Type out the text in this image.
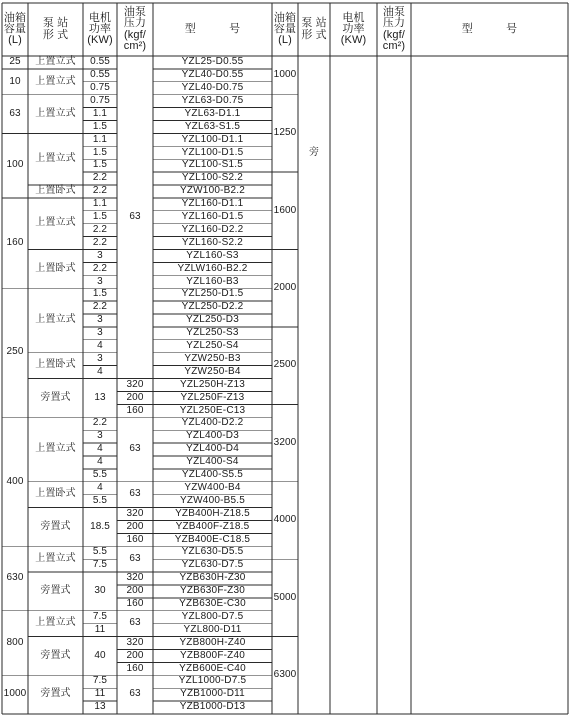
油箱
容量
(L)
泵 站
形 式
电机
功率
(KW)
油泵
压力
(kgf/
cm²)
型　　　号
油箱
容量
(L)
泵 站
形 式
电机
功率
(KW)
油泵
压力
(kgf/
cm²)
型　　　号
25
10
63
100
160
250
400
630
800
1000
上置立式
上置立式
上置立式
上置立式
上置卧式
上置立式
上置卧式
上置立式
上置卧式
旁置式
上置立式
上置卧式
旁置式
上置立式
旁置式
上置立式
旁置式
旁置式
0.55
0.55
0.75
0.75
1.1
1.5
1.1
1.5
1.5
2.2
2.2
1.1
1.5
2.2
2.2
3
2.2
3
1.5
2.2
3
3
4
3
4
13
2.2
3
4
4
5.5
4
5.5
18.5
5.5
7.5
30
7.5
11
40
7.5
11
13
63
320
200
160
63
63
320
200
160
63
320
200
160
63
320
200
160
63
YZL25-D0.55
YZL40-D0.55
YZL40-D0.75
YZL63-D0.75
YZL63-D1.1
YZL63-S1.5
YZL100-D1.1
YZL100-D1.5
YZL100-S1.5
YZL100-S2.2
YZW100-B2.2
YZL160-D1.1
YZL160-D1.5
YZL160-D2.2
YZL160-S2.2
YZL160-S3
YZLW160-B2.2
YZL160-B3
YZL250-D1.5
YZL250-D2.2
YZL250-D3
YZL250-S3
YZL250-S4
YZW250-B3
YZW250-B4
YZL250H-Z13
YZL250F-Z13
YZL250E-C13
YZL400-D2.2
YZL400-D3
YZL400-D4
YZL400-S4
YZL400-S5.5
YZW400-B4
YZW400-B5.5
YZB400H-Z18.5
YZB400F-Z18.5
YZB400E-C18.5
YZL630-D5.5
YZL630-D7.5
YZB630H-Z30
YZB630F-Z30
YZB630E-C30
YZL800-D7.5
YZL800-D11
YZB800H-Z40
YZB800F-Z40
YZB600E-C40
YZL1000-D7.5
YZB1000-D11
YZB1000-D13
1000
1250
1600
2000
2500
3200
4000
5000
6300
旁
